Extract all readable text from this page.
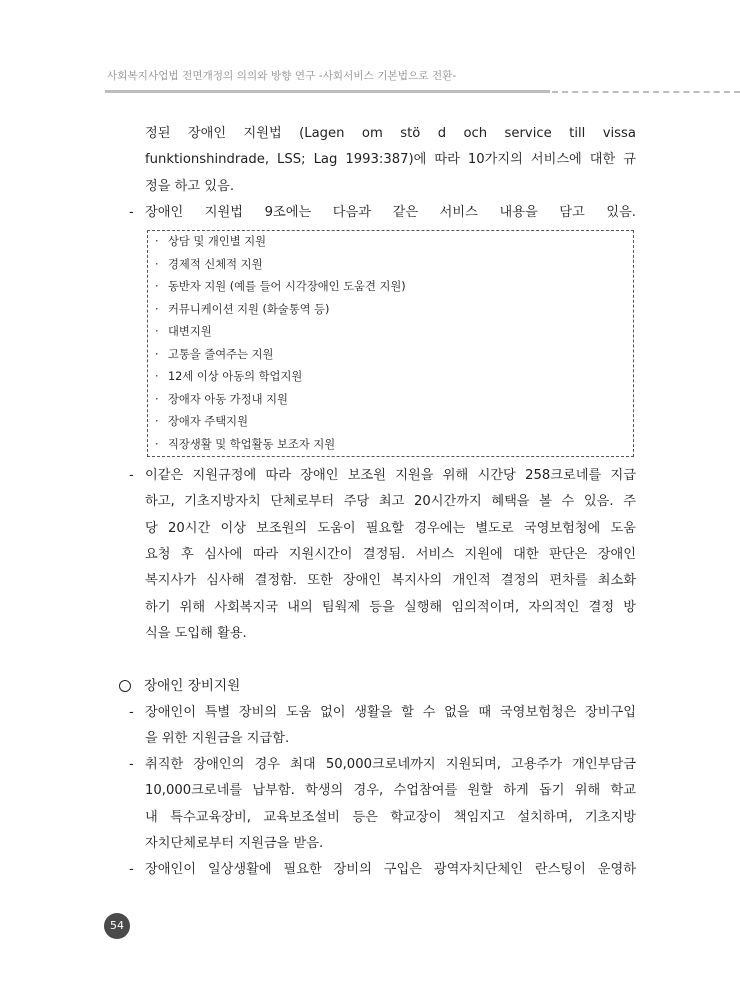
사회복지사업법 전면개정의 의의와 방향 연구 -사회서비스 기본법으로 전환-
정된 장애인 지원법 (Lagen om stö d och service till vissa
funktionshindrade, LSS; Lag 1993:387)에 따라 10가지의 서비스에 대한 규
정을 하고 있음.
- 장애인 지원법 9조에는 다음과 같은 서비스 내용을 담고 있음.
· 상담 및 개인별 지원
· 경제적 신체적 지원
· 동반자 지원 (예를 들어 시각장애인 도움견 지원)
· 커뮤니케이션 지원 (화술통역 등)
· 대변지원
· 고통을 줄여주는 지원
· 12세 이상 아동의 학업지원
· 장애자 아동 가정내 지원
· 장애자 주택지원
· 직장생활 및 학업활동 보조자 지원
- 이같은 지원규정에 따라 장애인 보조원 지원을 위해 시간당 258크로네를 지급
하고, 기초지방자치 단체로부터 주당 최고 20시간까지 혜택을 볼 수 있음. 주
당 20시간 이상 보조원의 도움이 필요할 경우에는 별도로 국영보험청에 도움
요청 후 심사에 따라 지원시간이 결정됨. 서비스 지원에 대한 판단은 장애인
복지사가 심사해 결정함. 또한 장애인 복지사의 개인적 결정의 편차를 최소화
하기 위해 사회복지국 내의 팀웍제 등을 실행해 임의적이며, 자의적인 결정 방
식을 도입해 활용.
장애인 장비지원
- 장애인이 특별 장비의 도움 없이 생활을 할 수 없을 때 국영보험청은 장비구입
을 위한 지원금을 지급함.
- 취직한 장애인의 경우 최대 50,000크로네까지 지원되며, 고용주가 개인부담금
10,000크로네를 납부함. 학생의 경우, 수업참여를 원할 하게 돕기 위해 학교
내 특수교육장비, 교육보조설비 등은 학교장이 책임지고 설치하며, 기초지방
자치단체로부터 지원금을 받음.
- 장애인이 일상생활에 필요한 장비의 구입은 광역자치단체인 란스팅이 운영하
54
